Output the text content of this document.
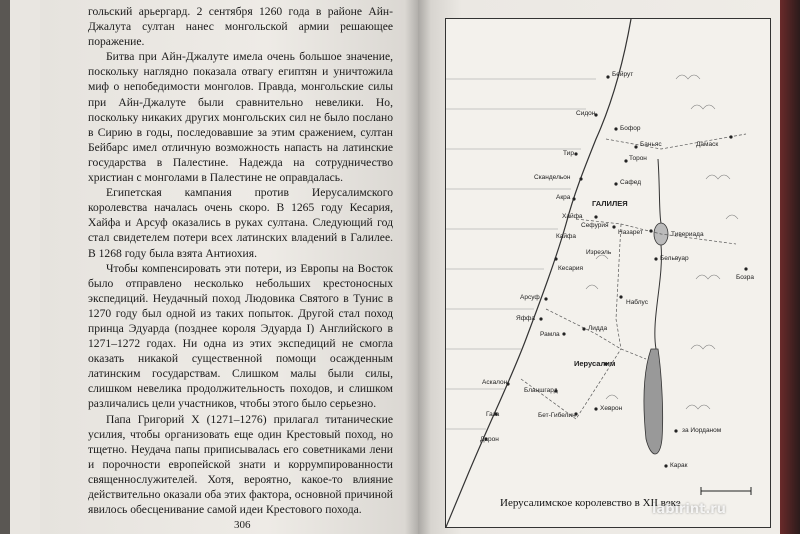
гольский арьергард. 2 сентября 1260 года в районе Айн-Джалута султан нанес монгольской армии решающее поражение.

Битва при Айн-Джалуте имела очень большое значение, поскольку наглядно показала отвагу египтян и уничтожила миф о непобедимости монголов. Правда, монгольские силы при Айн-Джалуте были сравнительно невелики. Но, поскольку никаких других монгольских сил не было послано в Сирию в годы, последовавшие за этим сражением, султан Бейбарс имел отличную возможность напасть на латинские государства в Палестине. Надежда на сотрудничество христиан с монголами в Палестине не оправдалась.

Египетская кампания против Иерусалимского королевства началась очень скоро. В 1265 году Кесария, Хайфа и Арсуф оказались в руках султана. Следующий год стал свидетелем потери всех латинских владений в Галилее. В 1268 году была взята Антиохия.

Чтобы компенсировать эти потери, из Европы на Восток было отправлено несколько небольших крестоносных экспедиций. Неудачный поход Людовика Святого в Тунис в 1270 году был одной из таких попыток. Другой стал поход принца Эдуарда (позднее короля Эдуарда I) Английского в 1271–1272 годах. Ни одна из этих экспедиций не смогла оказать никакой существенной помощи осажденным латинским государствам. Слишком малы были силы, слишком невелика продолжительность походов, и слишком различались цели участников, чтобы этого было серьезно.

Папа Григорий X (1271–1276) прилагал титанические усилия, чтобы организовать еще один Крестовый поход, но тщетно. Неудача папы приписывалась его советниками лени и порочности европейской знати и коррумпированности священнослужителей. Хотя, вероятно, какое-то влияние действительно оказали оба этих фактора, основной причиной явилось обесценивание самой идеи Крестового похода.

306
Бейрут
Сидон
Бофор
Баньяс	Дамаск
Тир
Торон
Скандельон
Сафед
Акра
ГАЛИЛЕЯ
Хайфа
Сефурия
Назарет
Кайфа	Тивериада
Бельвуар
Изреэль
Бозра
Кесария
Наблус
Арсуф
Яффа
Рамла
Лидда
Иерусалим
Аскалон
Бланшгард
Хеврон
Газа
Дарон
Бет-Гибелин
за Иорданом
Карак
Иерусалимское королевство в XII веке
labirint.ru
